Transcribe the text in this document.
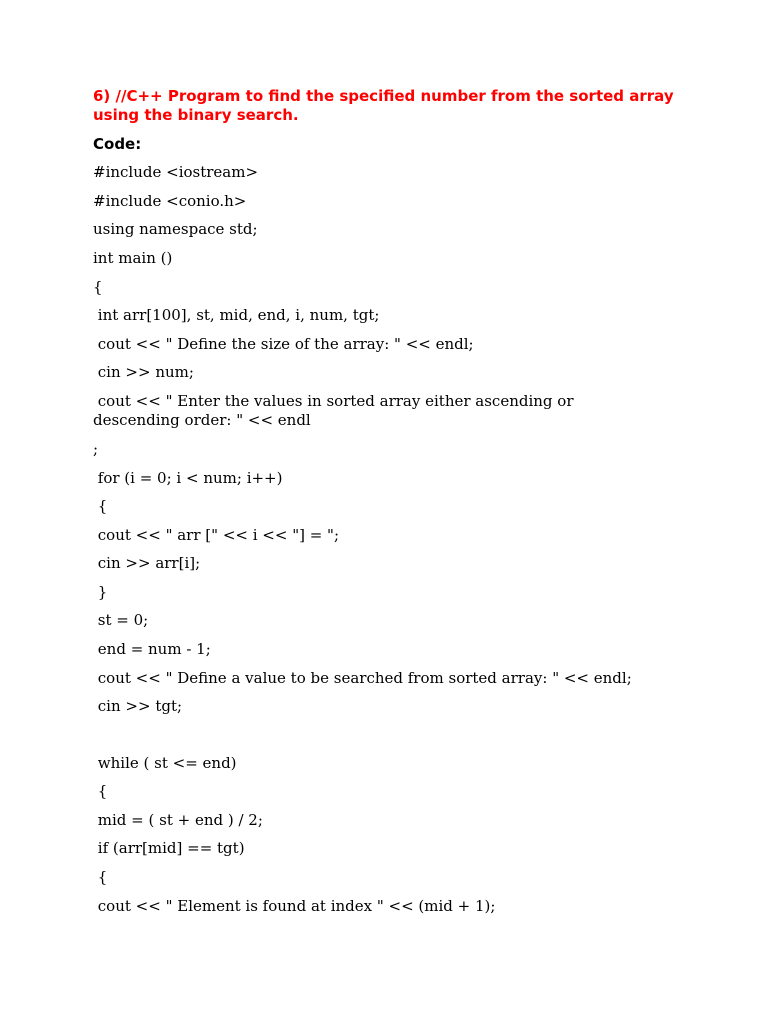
6) //C++ Program to find the specified number from the sorted array using the binary search.

Code:

#include <iostream>

#include <conio.h>

using namespace std;

int main ()

{

int arr[100], st, mid, end, i, num, tgt;

cout << " Define the size of the array: " << endl;

cin >> num;

cout << " Enter the values in sorted array either ascending or descending order: " << endl

;

for (i = 0; i < num; i++)

{

cout << " arr [" << i << "] = ";

cin >> arr[i];

}

st = 0;

end = num - 1;

cout << " Define a value to be searched from sorted array: " << endl;

cin >> tgt;

while ( st <= end)

{

mid = ( st + end ) / 2;

if (arr[mid] == tgt)

{

cout << " Element is found at index " << (mid + 1);
